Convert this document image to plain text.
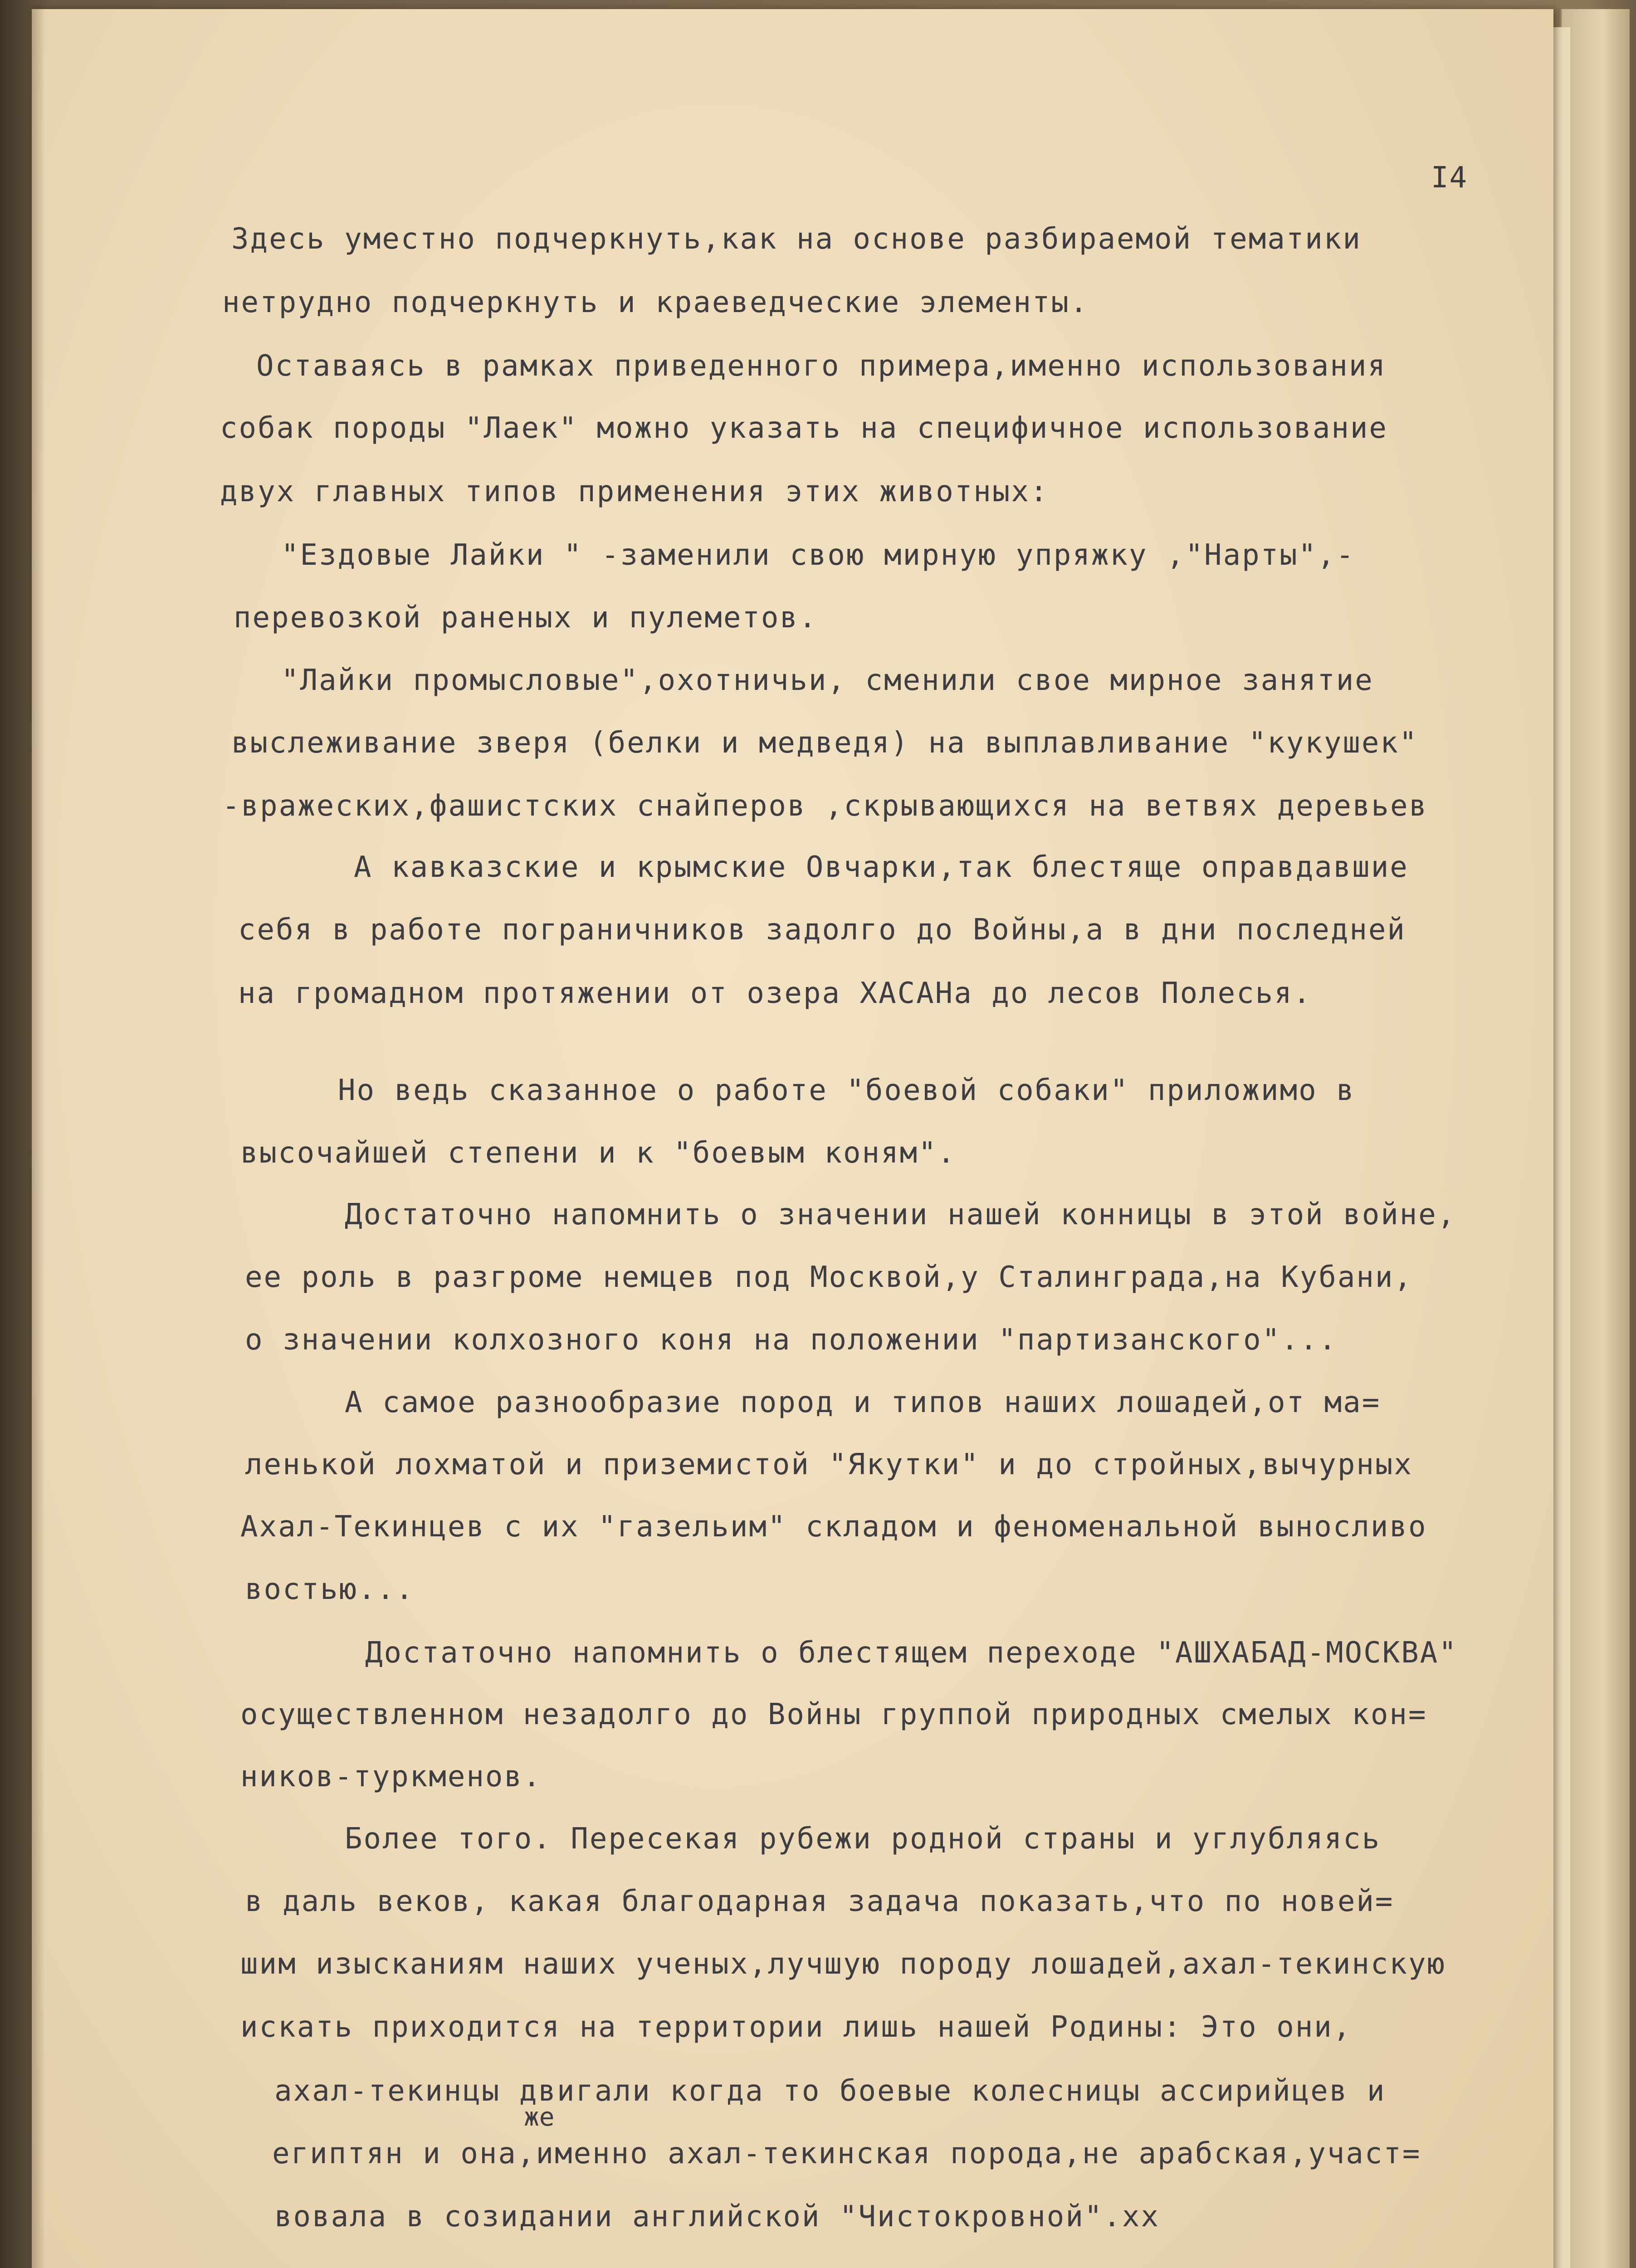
I4
Здесь уместно подчеркнуть,как на основе разбираемой тематики
нетрудно подчеркнуть и краеведческие элементы.
Оставаясь в рамках приведенного примера,именно использования
собак породы "Лаек" можно указать на специфичное использование
двух главных типов применения этих животных:
"Ездовые Лайки " -заменили свою мирную упряжку ,"Нарты",-
перевозкой раненых и пулеметов.
"Лайки промысловые",охотничьи, сменили свое мирное занятие
выслеживание зверя (белки и медведя) на выплавливание "кукушек"
-вражеских,фашистских снайперов ,скрывающихся на ветвях деревьев
А кавказские и крымские Овчарки,так блестяще оправдавшие
себя в работе пограничников задолго до Войны,а в дни последней
на громадном протяжении от озера ХАСАНа до лесов Полесья.
Но ведь сказанное о работе "боевой собаки" приложимо в
высочайшей степени и к "боевым коням".
Достаточно напомнить о значении нашей конницы в этой войне,
ее роль в разгроме немцев под Москвой,у Сталинграда,на Кубани,
о значении колхозного коня на положении "партизанского"...
А самое разнообразие пород и типов наших лошадей,от ма=
ленькой лохматой и приземистой "Якутки" и до стройных,вычурных
Ахал-Текинцев с их "газельим" складом и феноменальной выносливо
востью...
Достаточно напомнить о блестящем переходе "АШХАБАД-МОСКВА"
осуществленном незадолго до Войны группой природных смелых кон=
ников-туркменов.
Более того. Пересекая рубежи родной страны и углубляясь
в даль веков, какая благодарная задача показать,что по новей=
шим изысканиям наших ученых,лучшую породу лошадей,ахал-текинскую
искать приходится на территории лишь нашей Родины: Это они,
ахал-текинцы двигали когда то боевые колесницы ассирийцев и
же
египтян и она,именно ахал-текинская порода,не арабская,участ=
вовала в созидании английской "Чистокровной".xx
